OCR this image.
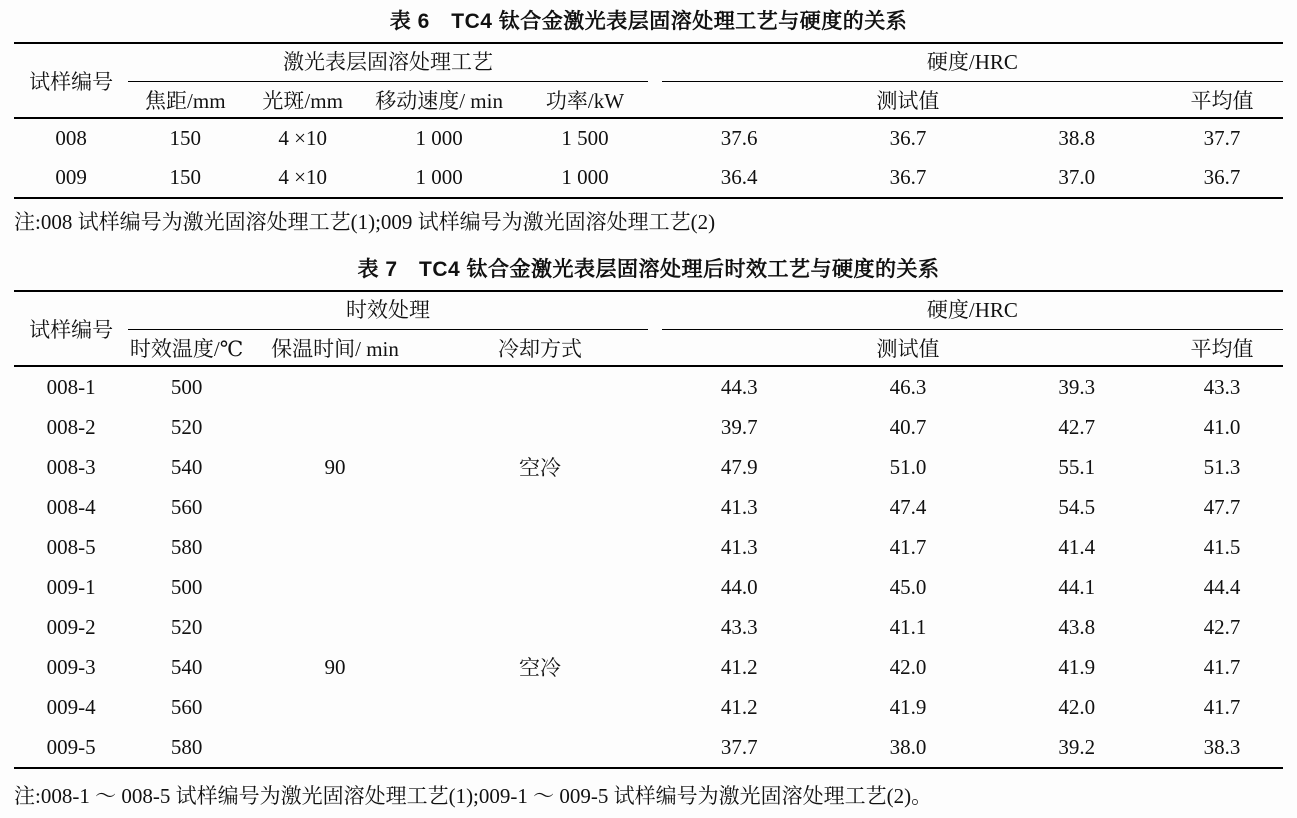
表 6　TC4 钛合金激光表层固溶处理工艺与硬度的关系
试样编号	激光表层固溶处理工艺				硬度/HRC			

	焦距/mm	光斑/mm	移动速度/ min	功率/kW	测试值			平均值
008	150	4 ×10	1 000	1 500	37.6	36.7	38.8	37.7
009	150	4 ×10	1 000	1 000	36.4	36.7	37.0	36.7
注:008 试样编号为激光固溶处理工艺(1);009 试样编号为激光固溶处理工艺(2)
表 7　TC4 钛合金激光表层固溶处理后时效工艺与硬度的关系
试样编号	时效处理			硬度/HRC			

	时效温度/℃	保温时间/ min	冷却方式	测试值			平均值
008-1	500	90	空冷	44.3	46.3	39.3	43.3
008-2	520			39.7	40.7	42.7	41.0
008-3	540			47.9	51.0	55.1	51.3
008-4	560			41.3	47.4	54.5	47.7
008-5	580			41.3	41.7	41.4	41.5
009-1	500	90	空冷	44.0	45.0	44.1	44.4
009-2	520			43.3	41.1	43.8	42.7
009-3	540			41.2	42.0	41.9	41.7
009-4	560			41.2	41.9	42.0	41.7
009-5	580			37.7	38.0	39.2	38.3
注:008-1 ～ 008-5 试样编号为激光固溶处理工艺(1);009-1 ～ 009-5 试样编号为激光固溶处理工艺(2)。
